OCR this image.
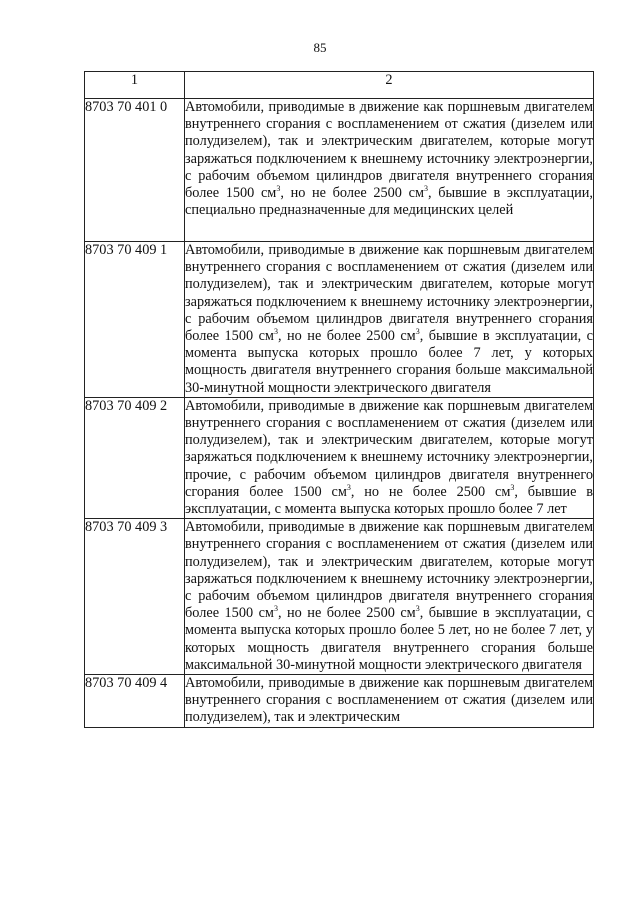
85
1	2
8703 70 401 0	Автомобили, приводимые в движение как поршневым двигателем внутреннего сгорания с воспламенением от сжатия (дизелем или полудизелем), так и электрическим двигателем, которые могут заряжаться подключением к внешнему источнику электроэнергии, с рабочим объемом цилиндров двигателя внутреннего сгорания более 1500 $см^3$, но не более 2500 $см^3$, бывшие в эксплуатации, специально предназначенные для медицинских целей
8703 70 409 1	Автомобили, приводимые в движение как поршневым двигателем внутреннего сгорания с воспламенением от сжатия (дизелем или полудизелем), так и электрическим двигателем, которые могут заряжаться подключением к внешнему источнику электроэнергии, с рабочим объемом цилиндров двигателя внутреннего сгорания более 1500 $см^3$, но не более 2500 $см^3$, бывшие в эксплуатации, с момента выпуска которых прошло более 7 лет, у которых мощность двигателя внутреннего сгорания больше максимальной 30-минутной мощности электрического двигателя
8703 70 409 2	Автомобили, приводимые в движение как поршневым двигателем внутреннего сгорания с воспламенением от сжатия (дизелем или полудизелем), так и электрическим двигателем, которые могут заряжаться подключением к внешнему источнику электроэнергии, прочие, с рабочим объемом цилиндров двигателя внутреннего сгорания более 1500 $см^3$, но не более 2500 $см^3$, бывшие в эксплуатации, с момента выпуска которых прошло более 7 лет
8703 70 409 3	Автомобили, приводимые в движение как поршневым двигателем внутреннего сгорания с воспламенением от сжатия (дизелем или полудизелем), так и электрическим двигателем, которые могут заряжаться подключением к внешнему источнику электроэнергии, с рабочим объемом цилиндров двигателя внутреннего сгорания более 1500 $см^3$, но не более 2500 $см^3$, бывшие в эксплуатации, с момента выпуска которых прошло более 5 лет, но не более 7 лет, у которых мощность двигателя внутреннего сгорания больше максимальной 30-минутной мощности электрического двигателя
8703 70 409 4	Автомобили, приводимые в движение как поршневым двигателем внутреннего сгорания с воспламенением от сжатия (дизелем или полудизелем), так и электрическим
